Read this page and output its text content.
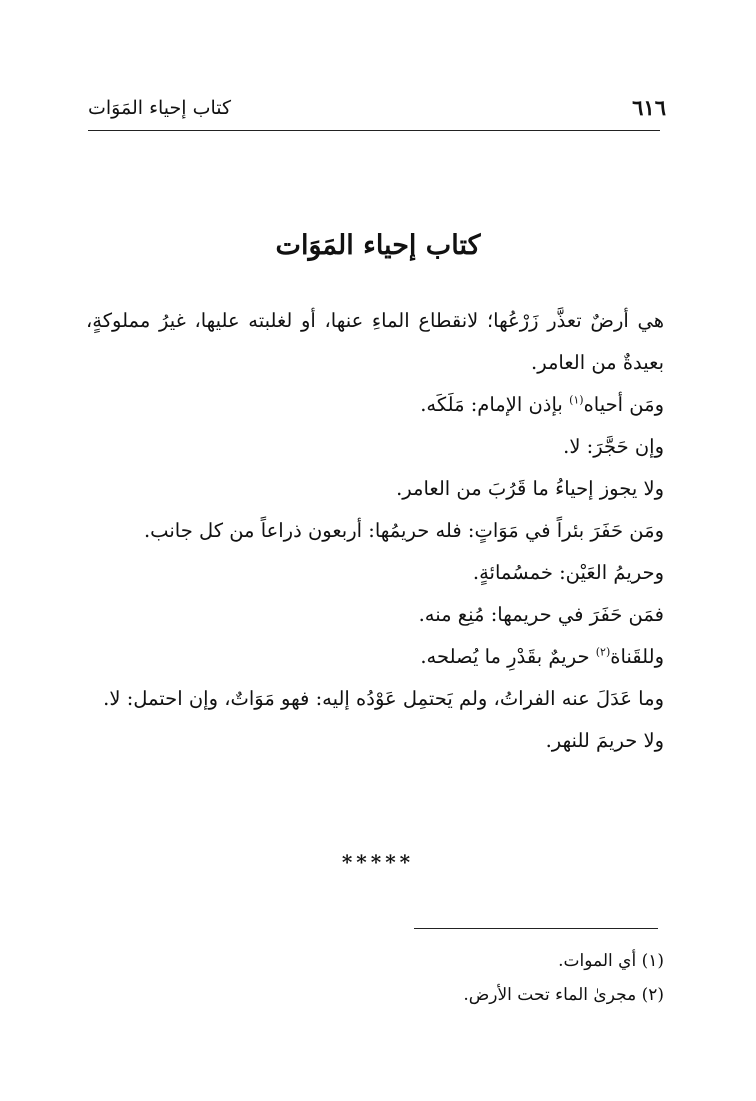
٦١٦
كتاب إحياء المَوَات
كتاب إحياء المَوَات

هي أرضٌ تعذَّر زَرْعُها؛ لانقطاع الماءِ عنها، أو لغلبته عليها، غيرُ مملوكةٍ، بعيدةٌ من العامر.

ومَن أحياه$^{(١)}$ بإذن الإمام: مَلَكَه.

وإن حَجَّرَ: لا.

ولا يجوز إحياءُ ما قَرُبَ من العامر.

ومَن حَفَرَ بئراً في مَوَاتٍ: فله حريمُها: أربعون ذراعاً من كل جانب.

وحريمُ العَيْن: خمسُمائةٍ.

فمَن حَفَرَ في حريمها: مُنِع منه.

وللقَناة$^{(٢)}$ حريمٌ بقَدْرِ ما يُصلحه.

وما عَدَلَ عنه الفراتُ، ولم يَحتمِل عَوْدُه إليه: فهو مَوَاتٌ، وإن احتمل: لا.

ولا حريمَ للنهر.

*****

(١) أي الموات.

(٢) مجرىٰ الماء تحت الأرض.
